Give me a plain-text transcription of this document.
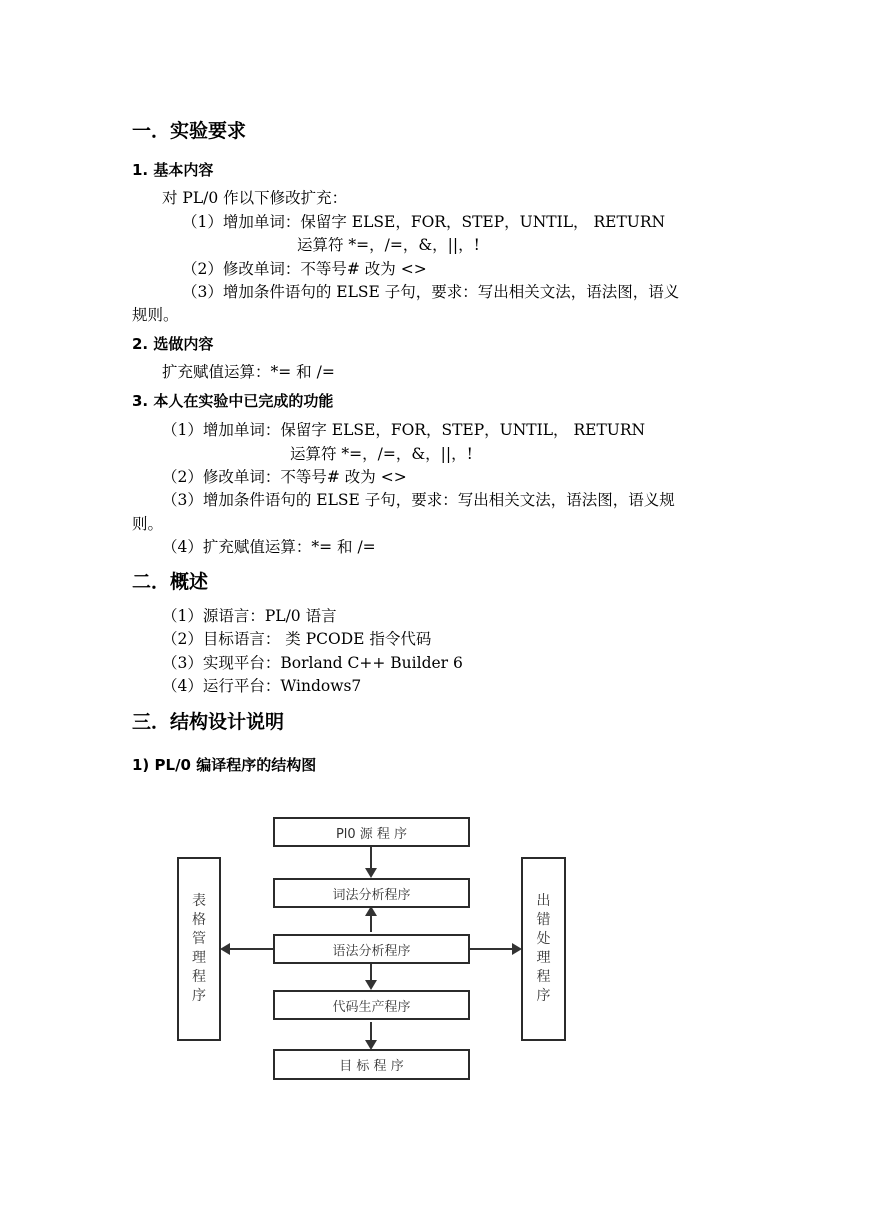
一．实验要求
1. 基本内容
对 PL/0 作以下修改扩充：
（1）增加单词：保留字 ELSE，FOR，STEP，UNTIL， RETURN
运算符 *=，/=，&，||，!
（2）修改单词：不等号# 改为 <>
（3）增加条件语句的 ELSE 子句，要求：写出相关文法，语法图，语义
规则。
2. 选做内容
扩充赋值运算：*= 和 /=
3. 本人在实验中已完成的功能
（1）增加单词：保留字 ELSE，FOR，STEP，UNTIL， RETURN
运算符 *=，/=，&，||，!
（2）修改单词：不等号# 改为 <>
（3）增加条件语句的 ELSE 子句，要求：写出相关文法，语法图，语义规
则。
（4）扩充赋值运算：*= 和 /=
二．概述
（1）源语言：PL/0 语言
（2）目标语言： 类 PCODE 指令代码
（3）实现平台：Borland C++ Builder 6
（4）运行平台：Windows7
三．结构设计说明
1) PL/0 编译程序的结构图
Pl0 源 程 序
词法分析程序
语法分析程序
代码生产程序
目 标 程 序
表格管理程序
出错处理程序
